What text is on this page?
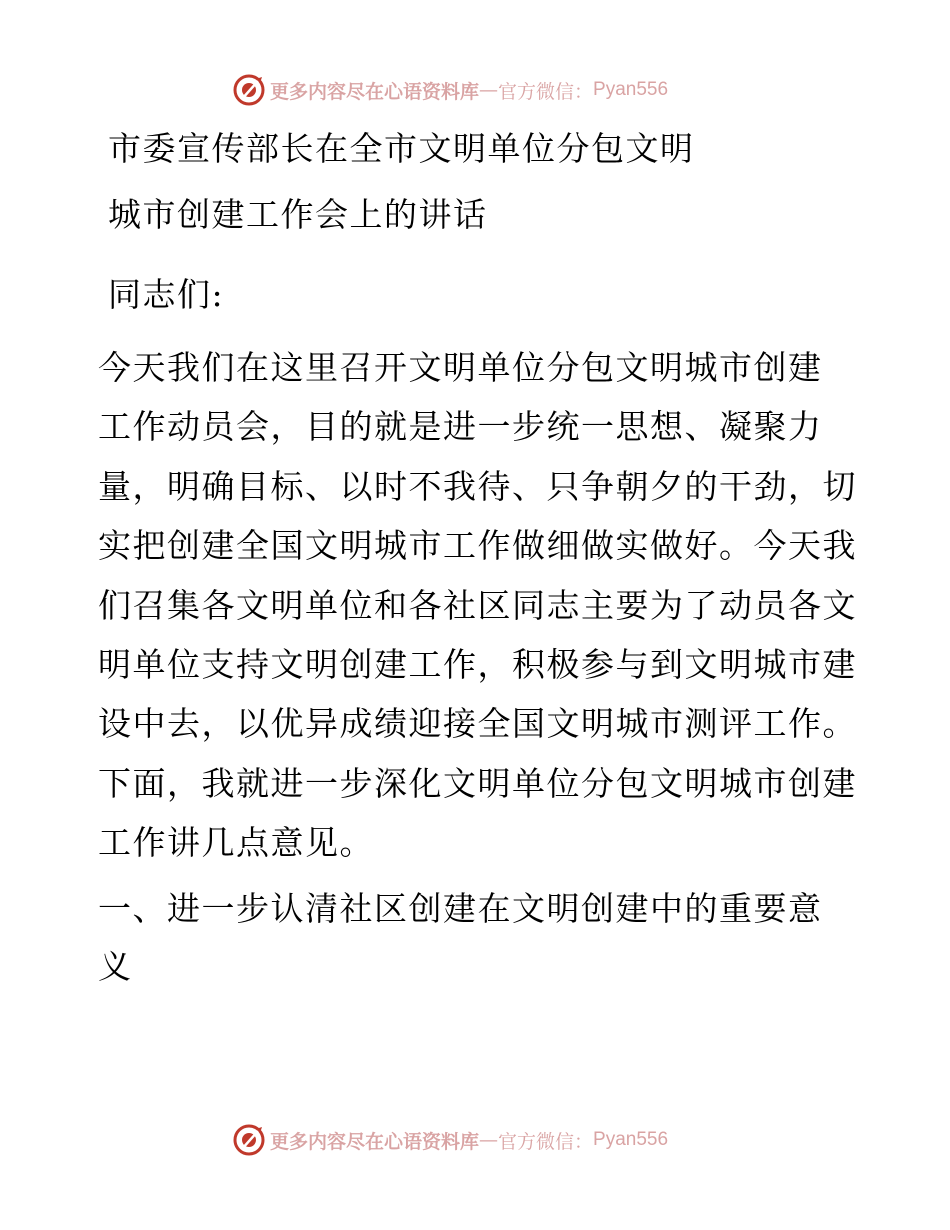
更多内容尽在心语资料库 — 官方微信： Pyan556
市委宣传部长在全市文明单位分包文明
城市创建工作会上的讲话
同志们:
今天我们在这里召开文明单位分包文明城市创建
工作动员会，目的就是进一步统一思想、凝聚力
量，明确目标、以时不我待、只争朝夕的干劲，切
实把创建全国文明城市工作做细做实做好。今天我
们召集各文明单位和各社区同志主要为了动员各文
明单位支持文明创建工作，积极参与到文明城市建
设中去，以优异成绩迎接全国文明城市测评工作。
下面，我就进一步深化文明单位分包文明城市创建
工作讲几点意见。
一、进一步认清社区创建在文明创建中的重要意
义
更多内容尽在心语资料库 — 官方微信： Pyan556
